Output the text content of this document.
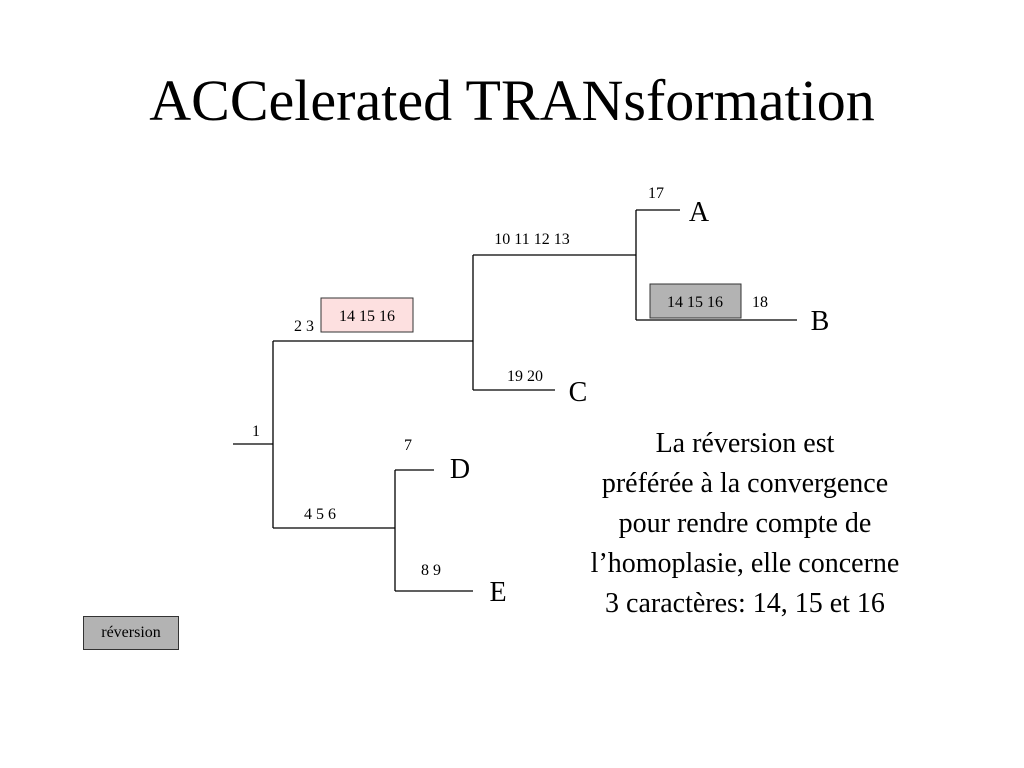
ACCelerated TRANsformation
1
2 3
14 15 16
10 11 12 13
17
14 15 16 18
19 20
4 5 6
7
8 9
A
B
C
D
E
La réversion est
préférée à la convergence
pour rendre compte de
l’homoplasie, elle concerne
3 caractères: 14, 15 et 16
réversion
